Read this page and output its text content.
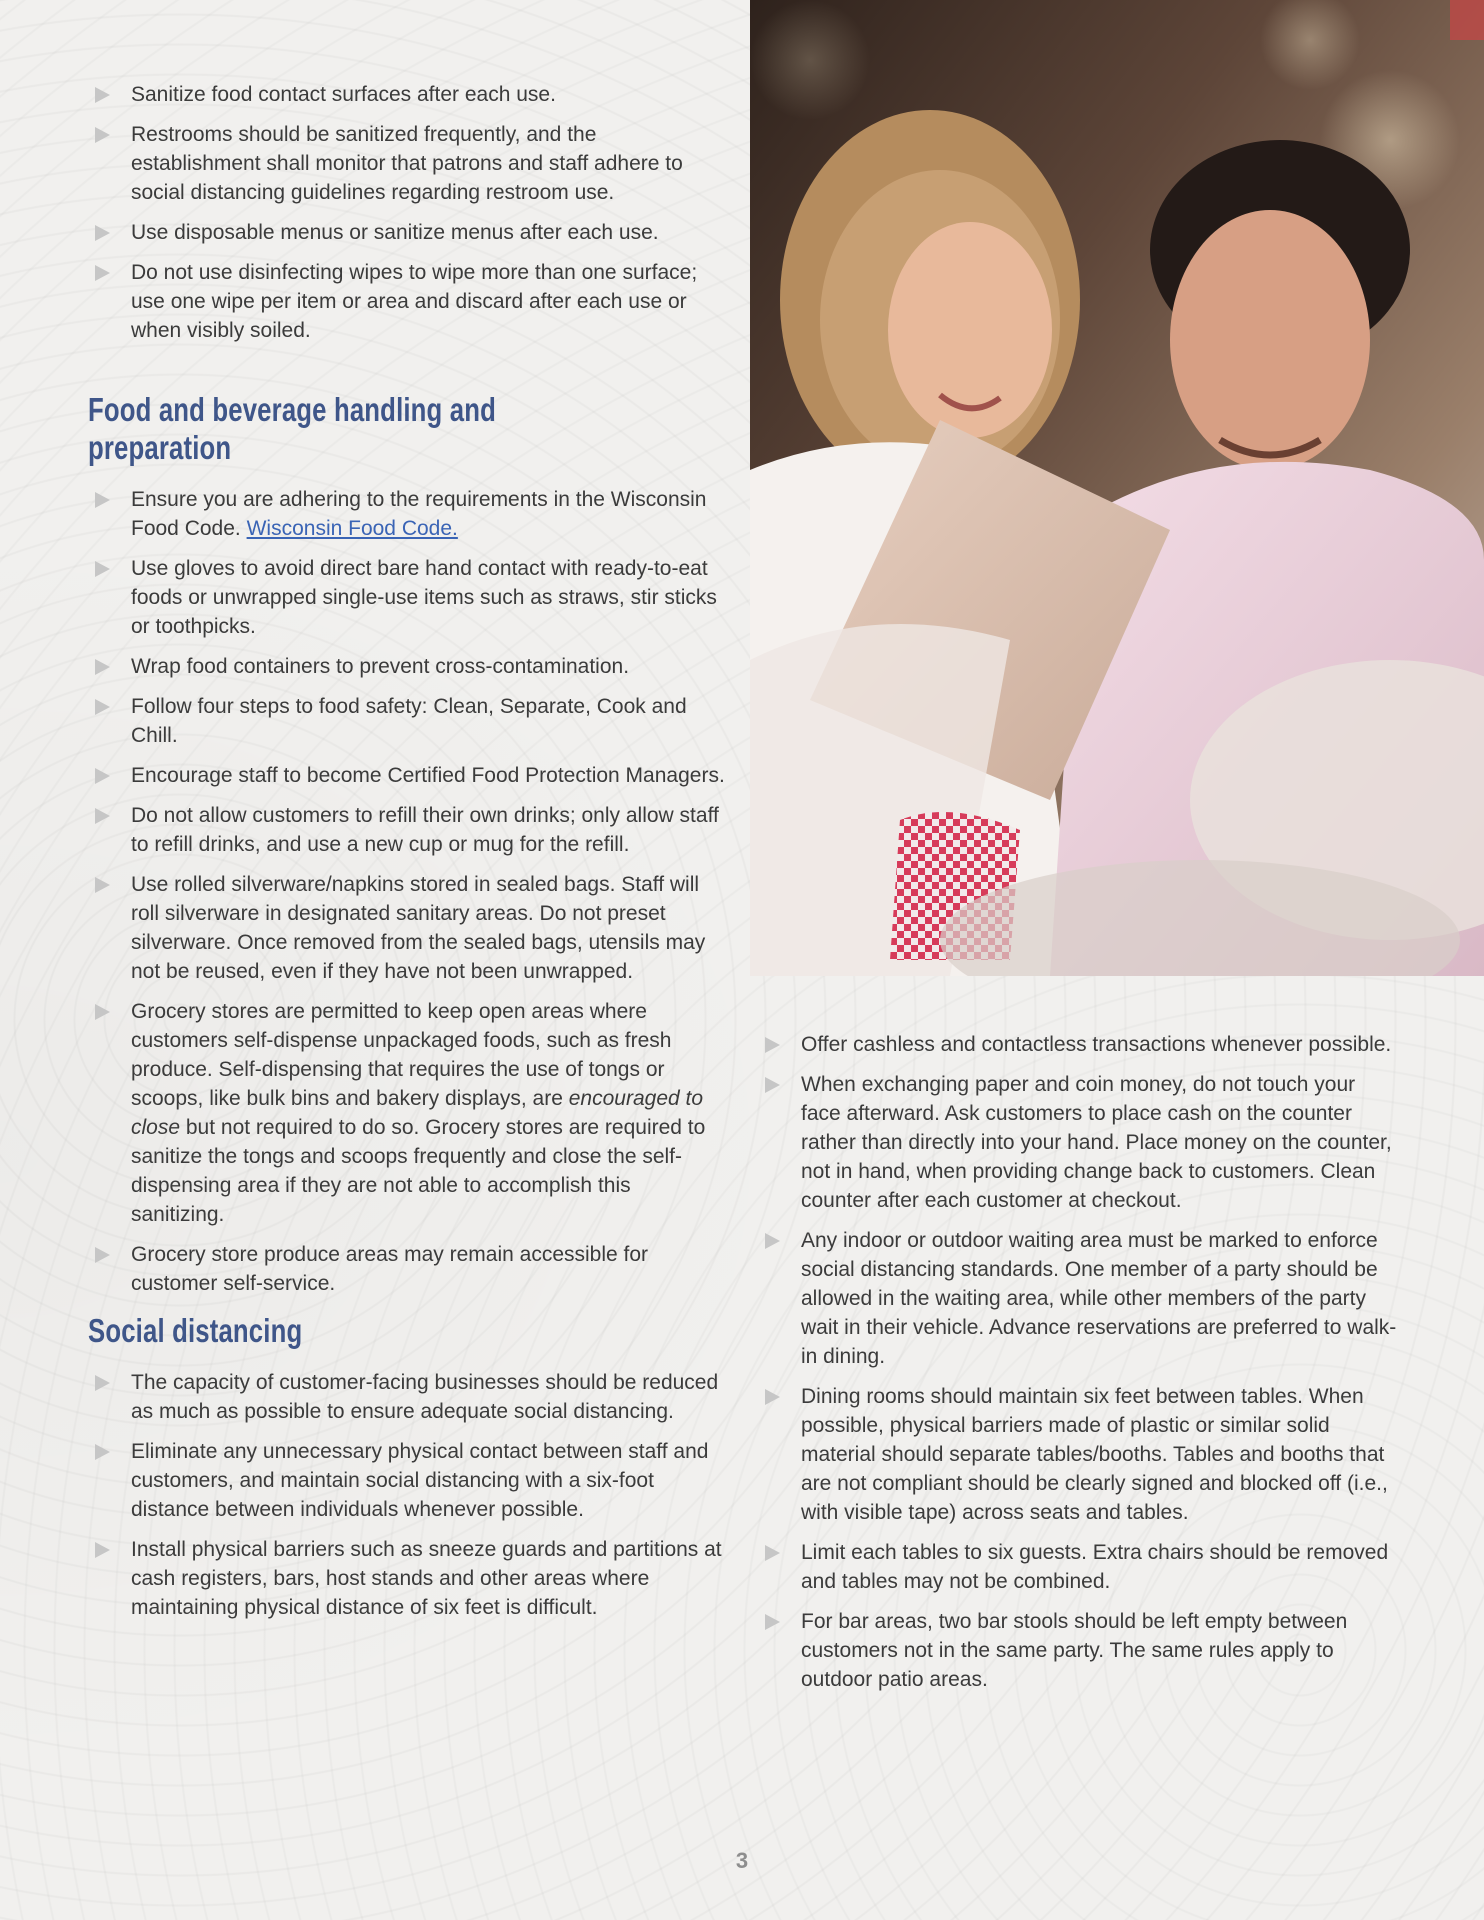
Sanitize food contact surfaces after each use.
Restrooms should be sanitized frequently, and the establishment shall monitor that patrons and staff adhere to social distancing guidelines regarding restroom use.
Use disposable menus or sanitize menus after each use.
Do not use disinfecting wipes to wipe more than one surface; use one wipe per item or area and discard after each use or when visibly soiled.
Food and beverage handling and preparation
Ensure you are adhering to the requirements in the Wisconsin Food Code. Wisconsin Food Code.
Use gloves to avoid direct bare hand contact with ready-to-eat foods or unwrapped single-use items such as straws, stir sticks or toothpicks.
Wrap food containers to prevent cross-contamination.
Follow four steps to food safety: Clean, Separate, Cook and Chill.
Encourage staff to become Certified Food Protection Managers.
Do not allow customers to refill their own drinks; only allow staff to refill drinks, and use a new cup or mug for the refill.
Use rolled silverware/napkins stored in sealed bags. Staff will roll silverware in designated sanitary areas. Do not preset silverware. Once removed from the sealed bags, utensils may not be reused, even if they have not been unwrapped.
Grocery stores are permitted to keep open areas where customers self-dispense unpackaged foods, such as fresh produce. Self-dispensing that requires the use of tongs or scoops, like bulk bins and bakery displays, are encouraged to close but not required to do so. Grocery stores are required to sanitize the tongs and scoops frequently and close the self-dispensing area if they are not able to accomplish this sanitizing.
Grocery store produce areas may remain accessible for customer self-service.
Social distancing
The capacity of customer-facing businesses should be reduced as much as possible to ensure adequate social distancing.
Eliminate any unnecessary physical contact between staff and customers, and maintain social distancing with a six-foot distance between individuals whenever possible.
Install physical barriers such as sneeze guards and partitions at cash registers, bars, host stands and other areas where maintaining physical distance of six feet is difficult.
Offer cashless and contactless transactions whenever possible.
When exchanging paper and coin money, do not touch your face afterward. Ask customers to place cash on the counter rather than directly into your hand. Place money on the counter, not in hand, when providing change back to customers. Clean counter after each customer at checkout.
Any indoor or outdoor waiting area must be marked to enforce social distancing standards. One member of a party should be allowed in the waiting area, while other members of the party wait in their vehicle. Advance reservations are preferred to walk-in dining.
Dining rooms should maintain six feet between tables. When possible, physical barriers made of plastic or similar solid material should separate tables/booths. Tables and booths that are not compliant should be clearly signed and blocked off (i.e., with visible tape) across seats and tables.
Limit each tables to six guests. Extra chairs should be removed and tables may not be combined.
For bar areas, two bar stools should be left empty between customers not in the same party. The same rules apply to outdoor patio areas.
3
